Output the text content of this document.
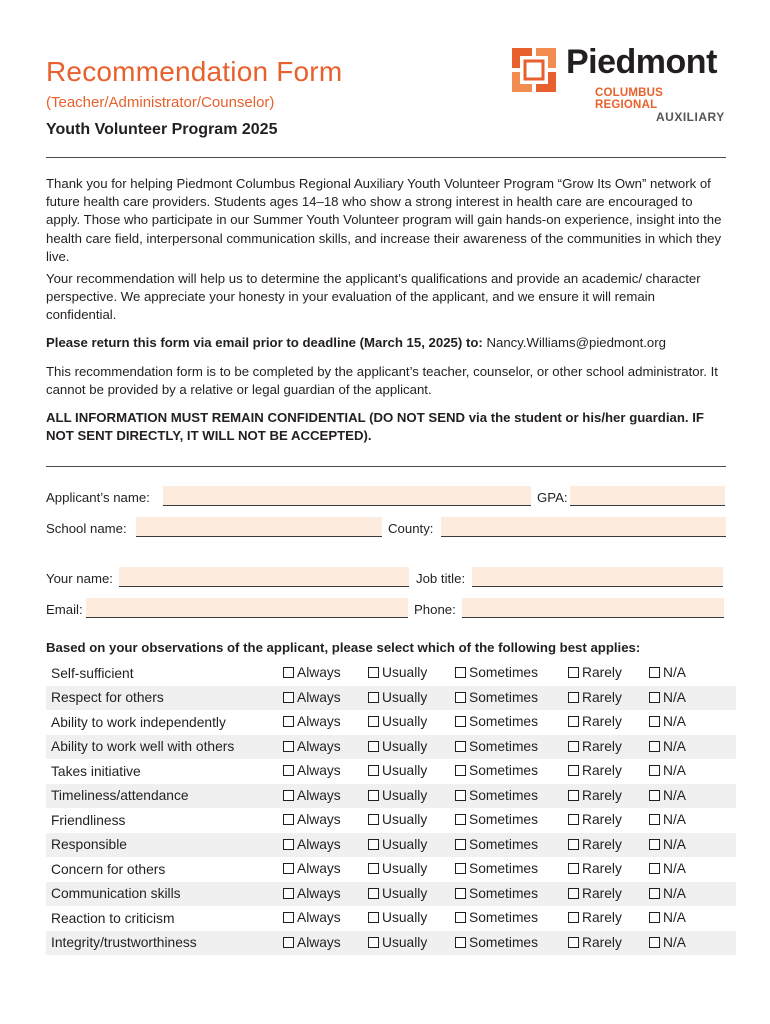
Recommendation Form
(Teacher/Administrator/Counselor)
Youth Volunteer Program 2025
Piedmont
COLUMBUS REGIONAL
AUXILIARY
Thank you for helping Piedmont Columbus Regional Auxiliary Youth Volunteer Program “Grow Its Own” network of future health care providers. Students ages 14–18 who show a strong interest in health care are encouraged to apply. Those who participate in our Summer Youth Volunteer program will gain hands-on experience, insight into the health care field, interpersonal communication skills, and increase their awareness of the communities in which they live.
Your recommendation will help us to determine the applicant’s qualifications and provide an academic/ character perspective. We appreciate your honesty in your evaluation of the applicant, and we ensure it will remain confidential.
Please return this form via email prior to deadline (March 15, 2025) to: Nancy.Williams@piedmont.org
This recommendation form is to be completed by the applicant’s teacher, counselor, or other school administrator. It cannot be provided by a relative or legal guardian of the applicant.
ALL INFORMATION MUST REMAIN CONFIDENTIAL (DO NOT SEND via the student or his/her guardian. IF NOT SENT DIRECTLY, IT WILL NOT BE ACCEPTED).
Applicant’s name:	GPA:
School name:	County:
Your name:	Job title:
Email:	Phone:
Based on your observations of the applicant, please select which of the following best applies:
Self-sufficient	Always	Usually	Sometimes	Rarely	N/A

Respect for others	Always	Usually	Sometimes	Rarely	N/A

Ability to work independently	Always	Usually	Sometimes	Rarely	N/A

Ability to work well with others	Always	Usually	Sometimes	Rarely	N/A

Takes initiative	Always	Usually	Sometimes	Rarely	N/A

Timeliness/attendance	Always	Usually	Sometimes	Rarely	N/A

Friendliness	Always	Usually	Sometimes	Rarely	N/A

Responsible	Always	Usually	Sometimes	Rarely	N/A

Concern for others	Always	Usually	Sometimes	Rarely	N/A

Communication skills	Always	Usually	Sometimes	Rarely	N/A

Reaction to criticism	Always	Usually	Sometimes	Rarely	N/A

Integrity/trustworthiness	Always	Usually	Sometimes	Rarely	N/A
